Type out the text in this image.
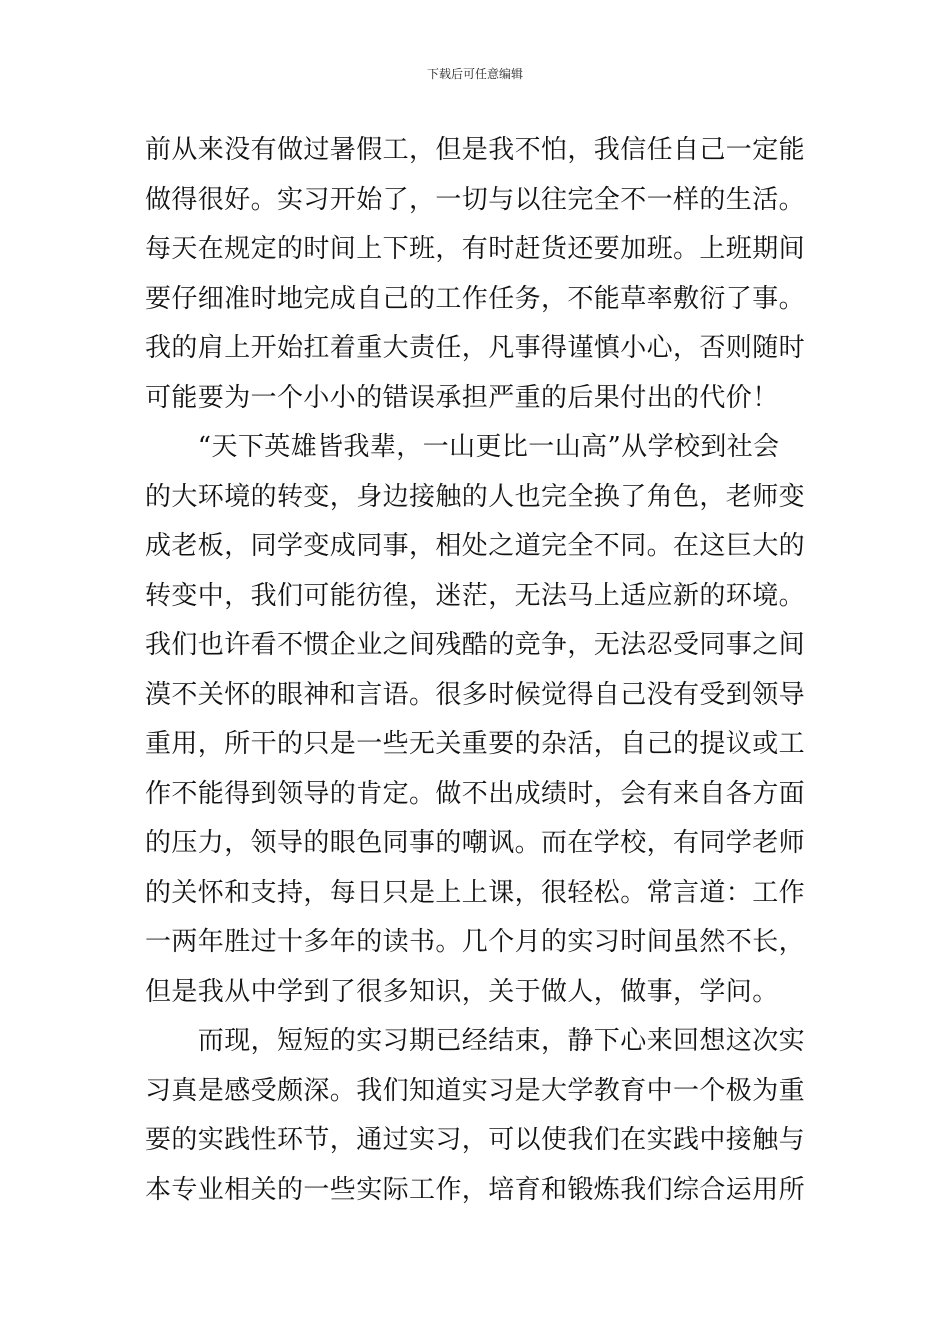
下载后可任意编辑

前从来没有做过暑假工，但是我不怕，我信任自己一定能
做得很好。实习开始了，一切与以往完全不一样的生活。
每天在规定的时间上下班，有时赶货还要加班。上班期间
要仔细准时地完成自己的工作任务，不能草率敷衍了事。
我的肩上开始扛着重大责任，凡事得谨慎小心，否则随时
可能要为一个小小的错误承担严重的后果付出的代价！

　　“天下英雄皆我辈，一山更比一山高”从学校到社会
的大环境的转变，身边接触的人也完全换了角色，老师变
成老板，同学变成同事，相处之道完全不同。在这巨大的
转变中，我们可能彷徨，迷茫，无法马上适应新的环境。
我们也许看不惯企业之间残酷的竞争，无法忍受同事之间
漠不关怀的眼神和言语。很多时候觉得自己没有受到领导
重用，所干的只是一些无关重要的杂活，自己的提议或工
作不能得到领导的肯定。做不出成绩时，会有来自各方面
的压力，领导的眼色同事的嘲讽。而在学校，有同学老师
的关怀和支持，每日只是上上课，很轻松。常言道：工作
一两年胜过十多年的读书。几个月的实习时间虽然不长，
但是我从中学到了很多知识，关于做人，做事，学问。

　　而现，短短的实习期已经结束，静下心来回想这次实
习真是感受颇深。我们知道实习是大学教育中一个极为重
要的实践性环节，通过实习，可以使我们在实践中接触与
本专业相关的一些实际工作，培育和锻炼我们综合运用所
